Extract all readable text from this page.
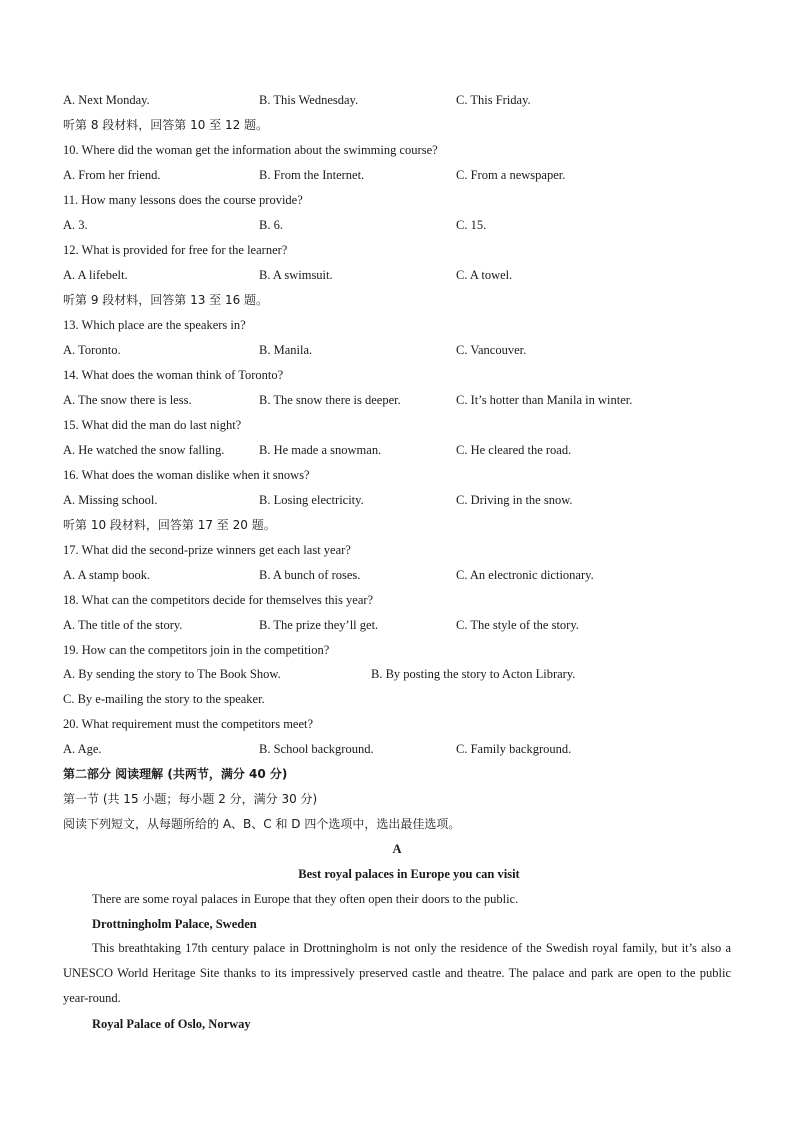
A. Next Monday.	B. This Wednesday.	C. This Friday.
听第 8 段材料，回答第 10 至 12 题。
10. Where did the woman get the information about the swimming course?
A. From her friend.	B. From the Internet.	C. From a newspaper.
11. How many lessons does the course provide?
A. 3.	B. 6.	C. 15.
12. What is provided for free for the learner?
A. A lifebelt.	B. A swimsuit.	C. A towel.
听第 9 段材料，回答第 13 至 16 题。
13. Which place are the speakers in?
A. Toronto.	B. Manila.	C. Vancouver.
14. What does the woman think of Toronto?
A. The snow there is less.	B. The snow there is deeper.	C. It’s hotter than Manila in winter.
15. What did the man do last night?
A. He watched the snow falling.	B. He made a snowman.	C. He cleared the road.
16. What does the woman dislike when it snows?
A. Missing school.	B. Losing electricity.	C. Driving in the snow.
听第 10 段材料，回答第 17 至 20 题。
17. What did the second-prize winners get each last year?
A. A stamp book.	B. A bunch of roses.	C. An electronic dictionary.
18. What can the competitors decide for themselves this year?
A. The title of the story.	B. The prize they’ll get.	C. The style of the story.
19. How can the competitors join in the competition?
A. By sending the story to The Book Show.	B. By posting the story to Acton Library.
C. By e-mailing the story to the speaker.
20. What requirement must the competitors meet?
A. Age.	B. School background.	C. Family background.
第二部分 阅读理解 (共两节，满分 40 分)
第一节 (共 15 小题；每小题 2 分，满分 30 分)
阅读下列短文，从每题所给的 A、B、C 和 D 四个选项中，选出最佳选项。
A
Best royal palaces in Europe you can visit
There are some royal palaces in Europe that they often open their doors to the public.
Drottningholm Palace, Sweden
This breathtaking 17th century palace in Drottningholm is not only the residence of the Swedish royal family, but it’s also a UNESCO World Heritage Site thanks to its impressively preserved castle and theatre. The palace and park are open to the public year-round.
Royal Palace of Oslo, Norway
